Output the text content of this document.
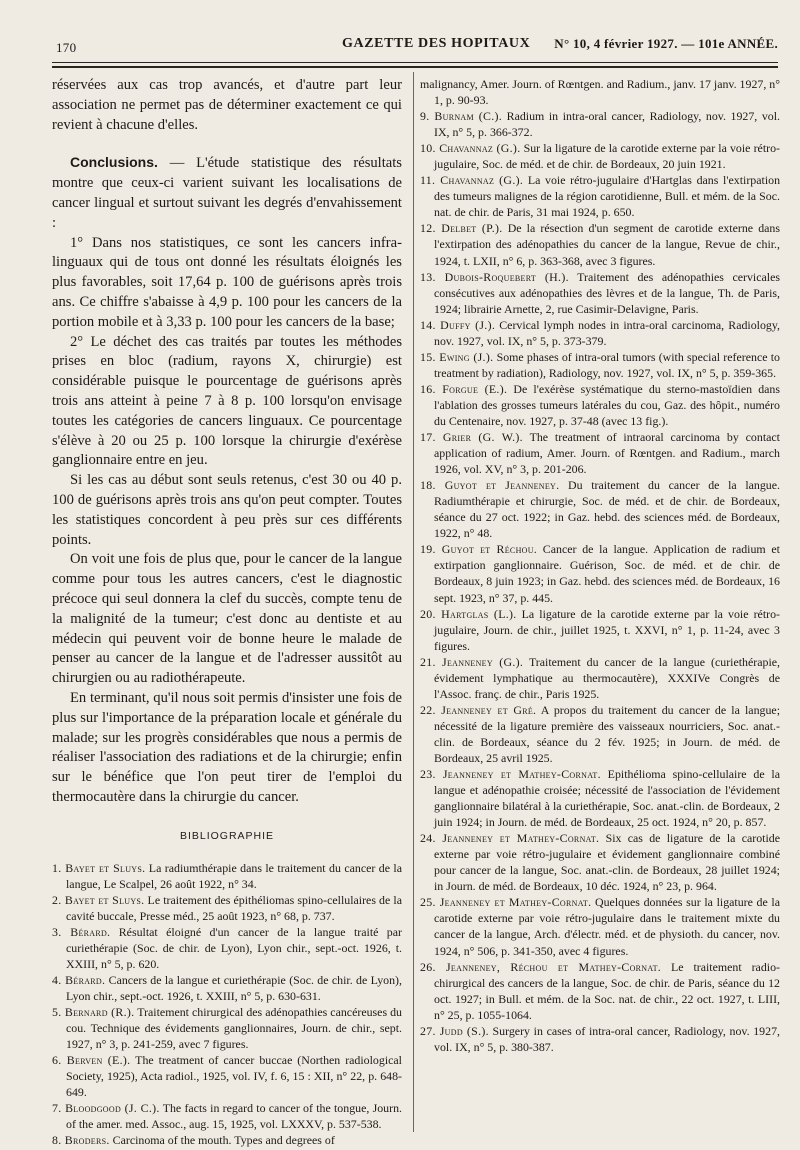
170	GAZETTE DES HOPITAUX N° 10, 4 février 1927. — 101e ANNÉE.

réservées aux cas trop avancés, et d'autre part leur association ne permet pas de déterminer exactement ce qui revient à chacune d'elles.

Conclusions. — L'étude statistique des résultats montre que ceux-ci varient suivant les localisations de cancer lingual et surtout suivant les degrés d'envahissement :

1° Dans nos statistiques, ce sont les cancers infra-linguaux qui de tous ont donné les résultats éloignés les plus favorables, soit 17,64 p. 100 de guérisons après trois ans. Ce chiffre s'abaisse à 4,9 p. 100 pour les cancers de la portion mobile et à 3,33 p. 100 pour les cancers de la base;

2° Le déchet des cas traités par toutes les méthodes prises en bloc (radium, rayons X, chirurgie) est considérable puisque le pourcentage de guérisons après trois ans atteint à peine 7 à 8 p. 100 lorsqu'on envisage toutes les catégories de cancers linguaux. Ce pourcentage s'élève à 20 ou 25 p. 100 lorsque la chirurgie d'exérèse ganglionnaire entre en jeu.

Si les cas au début sont seuls retenus, c'est 30 ou 40 p. 100 de guérisons après trois ans qu'on peut compter. Toutes les statistiques concordent à peu près sur ces différents points.

On voit une fois de plus que, pour le cancer de la langue comme pour tous les autres cancers, c'est le diagnostic précoce qui seul donnera la clef du succès, compte tenu de la malignité de la tumeur; c'est donc au dentiste et au médecin qui peuvent voir de bonne heure le malade de penser au cancer de la langue et de l'adresser aussitôt au chirurgien ou au radiothérapeute.

En terminant, qu'il nous soit permis d'insister une fois de plus sur l'importance de la préparation locale et générale du malade; sur les progrès considérables que nous a permis de réaliser l'association des radiations et de la chirurgie; enfin sur le bénéfice que l'on peut tirer de l'emploi du thermocautère dans la chirurgie du cancer.

BIBLIOGRAPHIE

1. Bayet et Sluys. La radiumthérapie dans le traitement du cancer de la langue, Le Scalpel, 26 août 1922, n° 34.

2. Bayet et Sluys. Le traitement des épithéliomas spino-cellulaires de la cavité buccale, Presse méd., 25 août 1923, n° 68, p. 737.

3. Bérard. Résultat éloigné d'un cancer de la langue traité par curiethérapie (Soc. de chir. de Lyon), Lyon chir., sept.-oct. 1926, t. XXIII, n° 5, p. 620.

4. Bérard. Cancers de la langue et curiethérapie (Soc. de chir. de Lyon), Lyon chir., sept.-oct. 1926, t. XXIII, n° 5, p. 630-631.

5. Bernard (R.). Traitement chirurgical des adénopathies cancéreuses du cou. Technique des évidements ganglionnaires, Journ. de chir., sept. 1927, n° 3, p. 241-259, avec 7 figures.

6. Berven (E.). The treatment of cancer buccae (Northen radiological Society, 1925), Acta radiol., 1925, vol. IV, f. 6, 15 : XII, n° 22, p. 648-649.

7. Bloodgood (J. C.). The facts in regard to cancer of the tongue, Journ. of the amer. med. Assoc., aug. 15, 1925, vol. LXXXV, p. 537-538.

8. Broders. Carcinoma of the mouth. Types and degrees of

malignancy, Amer. Journ. of Rœntgen. and Radium., janv. 17 janv. 1927, n° 1, p. 90-93.

9. Burnam (C.). Radium in intra-oral cancer, Radiology, nov. 1927, vol. IX, n° 5, p. 366-372.

10. Chavannaz (G.). Sur la ligature de la carotide externe par la voie rétro-jugulaire, Soc. de méd. et de chir. de Bordeaux, 20 juin 1921.

11. Chavannaz (G.). La voie rétro-jugulaire d'Hartglas dans l'extirpation des tumeurs malignes de la région carotidienne, Bull. et mém. de la Soc. nat. de chir. de Paris, 31 mai 1924, p. 650.

12. Delbet (P.). De la résection d'un segment de carotide externe dans l'extirpation des adénopathies du cancer de la langue, Revue de chir., 1924, t. LXII, n° 6, p. 363-368, avec 3 figures.

13. Dubois-Roquebert (H.). Traitement des adénopathies cervicales consécutives aux adénopathies des lèvres et de la langue, Th. de Paris, 1924; librairie Arnette, 2, rue Casimir-Delavigne, Paris.

14. Duffy (J.). Cervical lymph nodes in intra-oral carcinoma, Radiology, nov. 1927, vol. IX, n° 5, p. 373-379.

15. Ewing (J.). Some phases of intra-oral tumors (with special reference to treatment by radiation), Radiology, nov. 1927, vol. IX, n° 5, p. 359-365.

16. Forgue (E.). De l'exérèse systématique du sterno-mastoïdien dans l'ablation des grosses tumeurs latérales du cou, Gaz. des hôpit., numéro du Centenaire, nov. 1927, p. 37-48 (avec 13 fig.).

17. Grier (G. W.). The treatment of intraoral carcinoma by contact application of radium, Amer. Journ. of Rœntgen. and Radium., march 1926, vol. XV, n° 3, p. 201-206.

18. Guyot et Jeanneney. Du traitement du cancer de la langue. Radiumthérapie et chirurgie, Soc. de méd. et de chir. de Bordeaux, séance du 27 oct. 1922; in Gaz. hebd. des sciences méd. de Bordeaux, 1922, n° 48.

19. Guyot et Réchou. Cancer de la langue. Application de radium et extirpation ganglionnaire. Guérison, Soc. de méd. et de chir. de Bordeaux, 8 juin 1923; in Gaz. hebd. des sciences méd. de Bordeaux, 16 sept. 1923, n° 37, p. 445.

20. Hartglas (L.). La ligature de la carotide externe par la voie rétro-jugulaire, Journ. de chir., juillet 1925, t. XXVI, n° 1, p. 11-24, avec 3 figures.

21. Jeanneney (G.). Traitement du cancer de la langue (curiethérapie, évidement lymphatique au thermocautère), XXXIVe Congrès de l'Assoc. franç. de chir., Paris 1925.

22. Jeanneney et Gré. A propos du traitement du cancer de la langue; nécessité de la ligature première des vaisseaux nourriciers, Soc. anat.-clin. de Bordeaux, séance du 2 fév. 1925; in Journ. de méd. de Bordeaux, 25 avril 1925.

23. Jeanneney et Mathey-Cornat. Epithélioma spino-cellulaire de la langue et adénopathie croisée; nécessité de l'association de l'évidement ganglionnaire bilatéral à la curiethérapie, Soc. anat.-clin. de Bordeaux, 2 juin 1924; in Journ. de méd. de Bordeaux, 25 oct. 1924, n° 20, p. 857.

24. Jeanneney et Mathey-Cornat. Six cas de ligature de la carotide externe par voie rétro-jugulaire et évidement ganglionnaire combiné pour cancer de la langue, Soc. anat.-clin. de Bordeaux, 28 juillet 1924; in Journ. de méd. de Bordeaux, 10 déc. 1924, n° 23, p. 964.

25. Jeanneney et Mathey-Cornat. Quelques données sur la ligature de la carotide externe par voie rétro-jugulaire dans le traitement mixte du cancer de la langue, Arch. d'électr. méd. et de physioth. du cancer, nov. 1924, n° 506, p. 341-350, avec 4 figures.

26. Jeanneney, Réchou et Mathey-Cornat. Le traitement radio-chirurgical des cancers de la langue, Soc. de chir. de Paris, séance du 12 oct. 1927; in Bull. et mém. de la Soc. nat. de chir., 22 oct. 1927, t. LIII, n° 25, p. 1055-1064.

27. Judd (S.). Surgery in cases of intra-oral cancer, Radiology, nov. 1927, vol. IX, n° 5, p. 380-387.
